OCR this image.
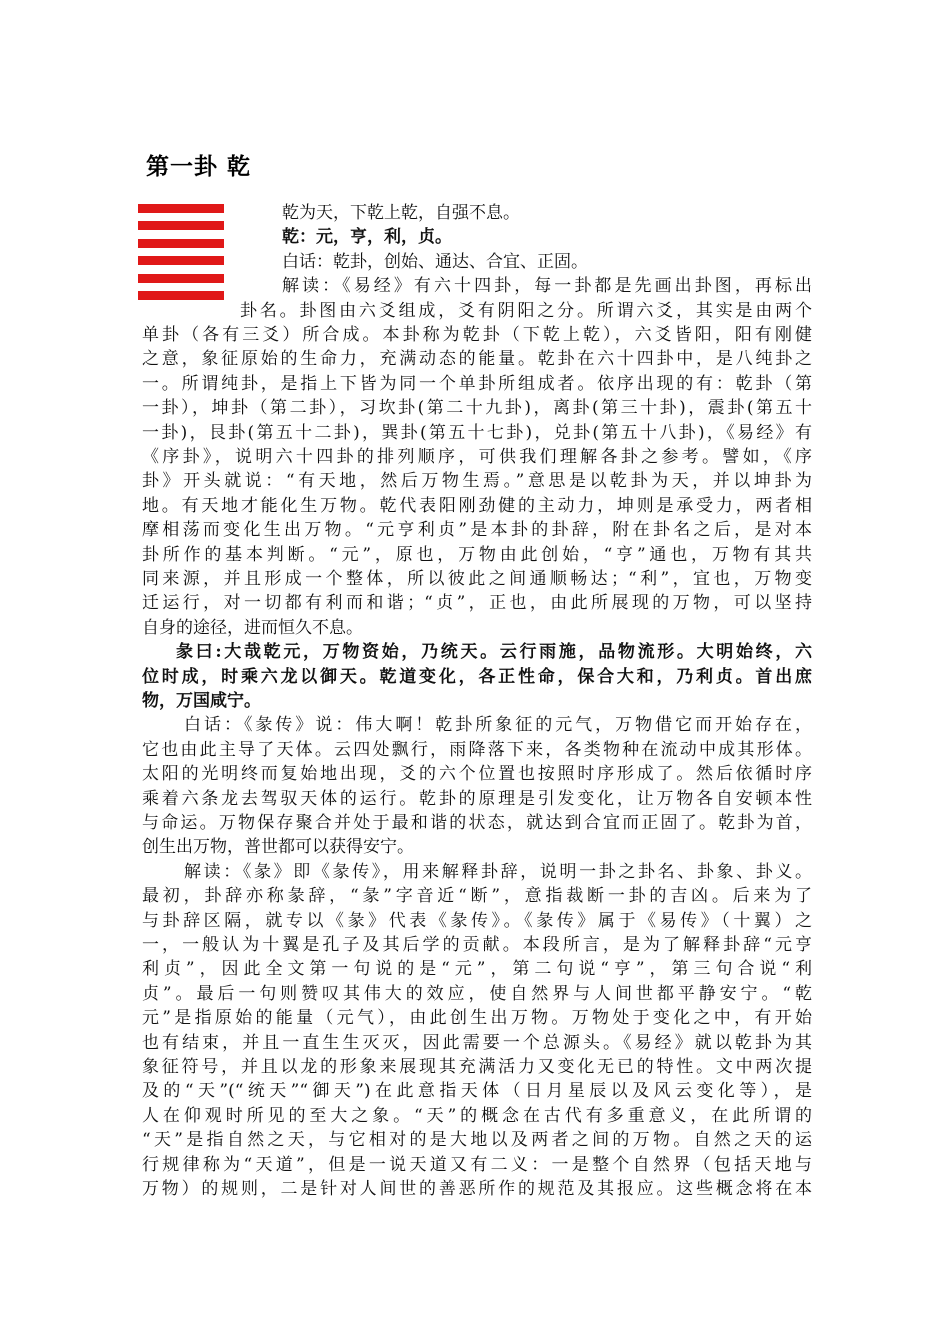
第一卦 乾
乾为天，下乾上乾，自强不息。
乾：元，亨，利，贞。
白话：乾卦，创始、通达、合宜、正固。
解读：《易经》有六十四卦，每一卦都是先画出卦图，再标出
卦名。卦图由六爻组成，爻有阴阳之分。所谓六爻，其实是由两个
单卦（各有三爻）所合成。本卦称为乾卦（下乾上乾），六爻皆阳，阳有刚健
之意，象征原始的生命力，充满动态的能量。乾卦在六十四卦中，是八纯卦之
一。所谓纯卦，是指上下皆为同一个单卦所组成者。依序出现的有：乾卦（第
一卦），坤卦（第二卦），习坎卦(第二十九卦)，离卦(第三十卦)，震卦(第五十
一卦)，艮卦(第五十二卦)，巽卦(第五十七卦)，兑卦(第五十八卦)，《易经》有
《序卦》，说明六十四卦的排列顺序，可供我们理解各卦之参考。譬如，《序
卦》开头就说：“有天地，然后万物生焉。”意思是以乾卦为天，并以坤卦为
地。有天地才能化生万物。乾代表阳刚劲健的主动力，坤则是承受力，两者相
摩相荡而变化生出万物。“元亨利贞”是本卦的卦辞，附在卦名之后，是对本
卦所作的基本判断。“元”，原也，万物由此创始，“亨”通也，万物有其共
同来源，并且形成一个整体，所以彼此之间通顺畅达；“利”，宜也，万物变
迁运行，对一切都有利而和谐；“贞”，正也，由此所展现的万物，可以坚持
自身的途径，进而恒久不息。
彖曰:大哉乾元，万物资始，乃统天。云行雨施，品物流形。大明始终，六
位时成，时乘六龙以御天。乾道变化，各正性命，保合大和，乃利贞。首出庶
物，万国咸宁。
白话：《彖传》说：伟大啊！乾卦所象征的元气，万物借它而开始存在，
它也由此主导了天体。云四处飘行，雨降落下来，各类物种在流动中成其形体。
太阳的光明终而复始地出现，爻的六个位置也按照时序形成了。然后依循时序
乘着六条龙去驾驭天体的运行。乾卦的原理是引发变化，让万物各自安顿本性
与命运。万物保存聚合并处于最和谐的状态，就达到合宜而正固了。乾卦为首，
创生出万物，普世都可以获得安宁。
解读：《彖》即《彖传》，用来解释卦辞，说明一卦之卦名、卦象、卦义。
最初，卦辞亦称彖辞，“彖”字音近“断”，意指裁断一卦的吉凶。后来为了
与卦辞区隔，就专以《彖》代表《彖传》。《彖传》属于《易传》（十翼）之
一，一般认为十翼是孔子及其后学的贡献。本段所言，是为了解释卦辞“元亨
利贞”，因此全文第一句说的是“元”，第二句说“亨”，第三句合说“利
贞”。最后一句则赞叹其伟大的效应，使自然界与人间世都平静安宁。“乾
元”是指原始的能量（元气），由此创生出万物。万物处于变化之中，有开始
也有结束，并且一直生生灭灭，因此需要一个总源头。《易经》就以乾卦为其
象征符号，并且以龙的形象来展现其充满活力又变化无已的特性。文中两次提
及的“天”(“统天”“御天”)在此意指天体（日月星辰以及风云变化等），是
人在仰观时所见的至大之象。“天”的概念在古代有多重意义，在此所谓的
“天”是指自然之天，与它相对的是大地以及两者之间的万物。自然之天的运
行规律称为“天道”，但是一说天道又有二义：一是整个自然界（包括天地与
万物）的规则，二是针对人间世的善恶所作的规范及其报应。这些概念将在本
